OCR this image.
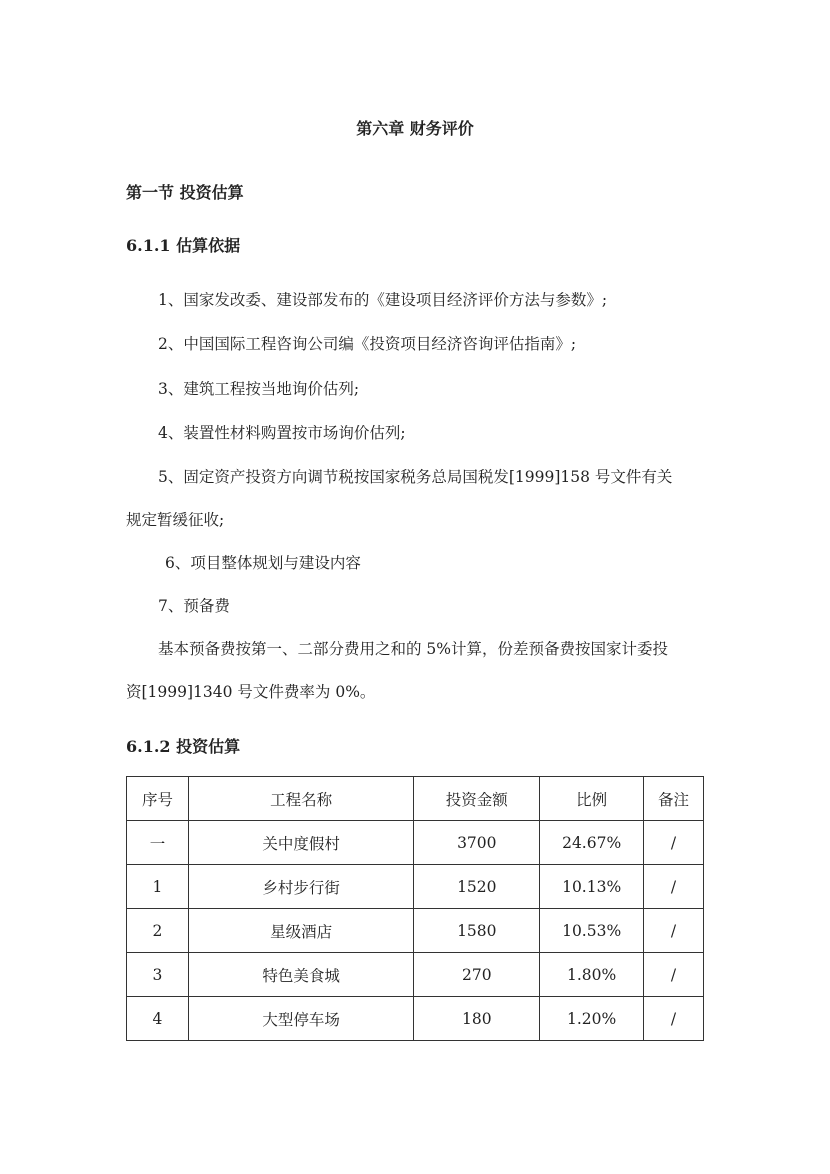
第六章 财务评价
第一节 投资估算
6.1.1 估算依据
1、国家发改委、建设部发布的《建设项目经济评价方法与参数》;
2、中国国际工程咨询公司编《投资项目经济咨询评估指南》;
3、建筑工程按当地询价估列;
4、装置性材料购置按市场询价估列;
5、固定资产投资方向调节税按国家税务总局国税发[1999]158 号文件有关
规定暂缓征收;
6、项目整体规划与建设内容
7、预备费
基本预备费按第一、二部分费用之和的 5%计算，份差预备费按国家计委投
资[1999]1340 号文件费率为 0%。
6.1.2 投资估算
序号	工程名称	投资金额	比例	备注
一	关中度假村	3700	24.67%	/
1	乡村步行街	1520	10.13%	/
2	星级酒店	1580	10.53%	/
3	特色美食城	270	1.80%	/
4	大型停车场	180	1.20%	/
